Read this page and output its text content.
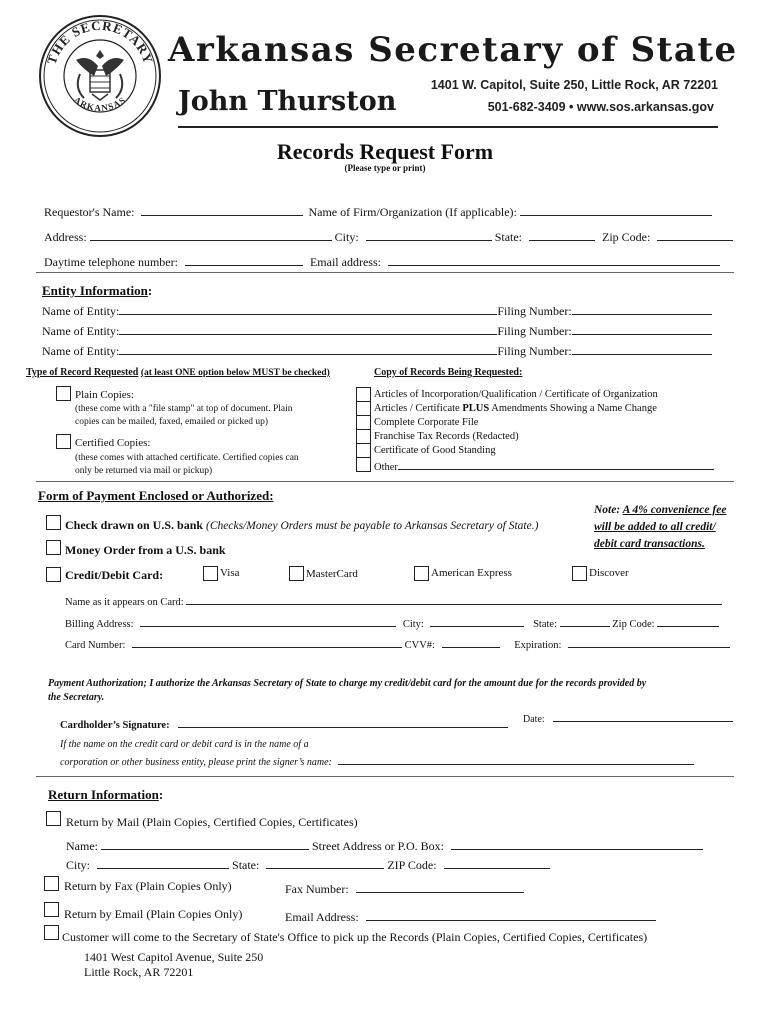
THE SECRETARY
ARKANSAS
Arkansas Secretary of State
John Thurston
1401 W. Capitol, Suite 250, Little Rock, AR 72201
501-682-3409 • www.sos.arkansas.gov
Records Request Form
(Please type or print)
Requestor's Name:	Name of Firm/Organization (If applicable):
Address:	City:	State:	Zip Code:
Daytime telephone number:	Email address:
Entity Information:
Name of Entity:	Filing Number:
Name of Entity:	Filing Number:
Name of Entity:	Filing Number:
Type of Record Requested (at least ONE option below MUST be checked)	Copy of Records Being Requested:
Plain Copies:
(these come with a "file stamp" at top of document. Plain
copies can be mailed, faxed, emailed or picked up)
Certified Copies:
(these comes with attached certificate. Certified copies can
only be returned via mail or pickup)
Articles of Incorporation/Qualification / Certificate of Organization
Articles / Certificate PLUS Amendments Showing a Name Change
Complete Corporate File
Franchise Tax Records (Redacted)
Certificate of Good Standing
Other
Form of Payment Enclosed or Authorized:
Note: A 4% convenience fee
will be added to all credit/
debit card transactions.
Check drawn on U.S. bank (Checks/Money Orders must be payable to Arkansas Secretary of State.)
Money Order from a U.S. bank
Credit/Debit Card:	Visa	MasterCard	American Express	Discover
Name as it appears on Card:
Billing Address:	City:	State:	Zip Code:
Card Number:	CVV#:	Expiration:
Payment Authorization; I authorize the Arkansas Secretary of State to charge my credit/debit card for the amount due for the records provided by
the Secretary.
Cardholder’s Signature:
Date:
If the name on the credit card or debit card is in the name of a
corporation or other business entity, please print the signer’s name:
Return Information:
Return by Mail (Plain Copies, Certified Copies, Certificates)
Name:	Street Address or P.O. Box:
City:	State:	ZIP Code:
Return by Fax (Plain Copies Only)	Fax Number:
Return by Email (Plain Copies Only)	Email Address:
Customer will come to the Secretary of State's Office to pick up the Records (Plain Copies, Certified Copies, Certificates)
1401 West Capitol Avenue, Suite 250
Little Rock, AR 72201
